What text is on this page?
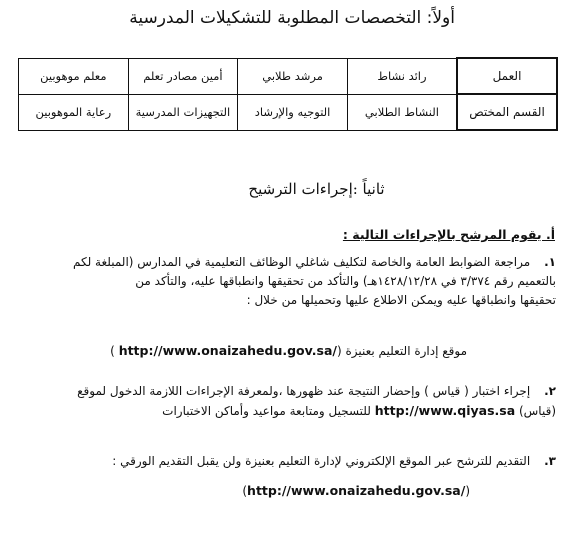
أولاً: التخصصات المطلوبة للتشكيلات المدرسية
العمل	رائد نشاط	مرشد طلابي	أمين مصادر تعلم	معلم موهوبين
القسم المختص	النشاط الطلابي	التوجيه والإرشاد	التجهيزات المدرسية	رعاية الموهوبين
ثانياً :إجراءات الترشيح
أ. يقوم المرشح بالإجراءات التالية :
١. مراجعة الضوابط العامة والخاصة لتكليف شاغلي الوظائف التعليمية في المدارس (المبلغة لكم
بالتعميم رقم ٣/٣٧٤ في ١٤٢٨/١٢/٢٨هـ) والتأكد من تحقيقها وانطباقها عليه، والتأكد من
تحقيقها وانطباقها عليه ويمكن الاطلاع عليها وتحميلها من خلال :
موقع إدارة التعليم بعنيزة (http://www.onaizahedu.gov.sa/ )
٢. إجراء اختبار ( قياس ) وإحضار النتيجة عند ظهورها ،ولمعرفة الإجراءات اللازمة الدخول لموقع
(قياس) http://www.qiyas.sa للتسجيل ومتابعة مواعيد وأماكن الاختبارات
٣. التقديم للترشح عبر الموقع الإلكتروني لإدارة التعليم بعنيزة ولن يقبل التقديم الورقي :
(http://www.onaizahedu.gov.sa/)
